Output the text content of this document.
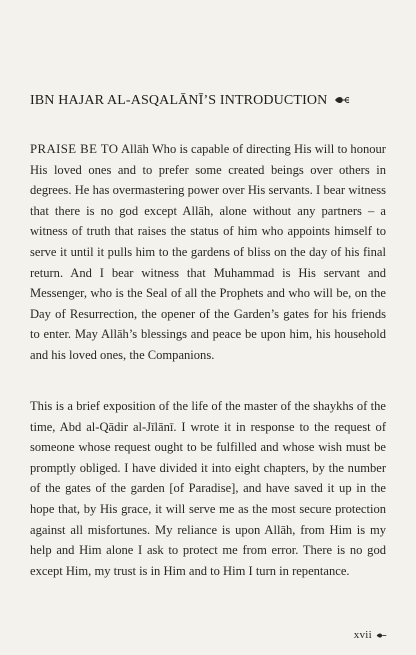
IBN HAJAR AL-ASQALĀNĪ’S INTRODUCTION
PRAISE BE TO Allāh Who is capable of directing His will to honour His loved ones and to prefer some created beings over others in degrees. He has overmastering power over His servants. I bear witness that there is no god except Allāh, alone without any partners – a witness of truth that raises the status of him who appoints himself to serve it until it pulls him to the gardens of bliss on the day of his final return. And I bear witness that Muhammad is His servant and Messenger, who is the Seal of all the Prophets and who will be, on the Day of Resurrection, the opener of the Garden’s gates for his friends to enter. May Allāh’s blessings and peace be upon him, his household and his loved ones, the Companions.
This is a brief exposition of the life of the master of the shaykhs of the time, Abd al-Qādir al-Jīlānī. I wrote it in response to the request of someone whose request ought to be fulfilled and whose wish must be promptly obliged. I have divided it into eight chapters, by the number of the gates of the garden [of Paradise], and have saved it up in the hope that, by His grace, it will serve me as the most secure protection against all misfortunes. My reliance is upon Allāh, from Him is my help and Him alone I ask to protect me from error. There is no god except Him, my trust is in Him and to Him I turn in repentance.
xvii
